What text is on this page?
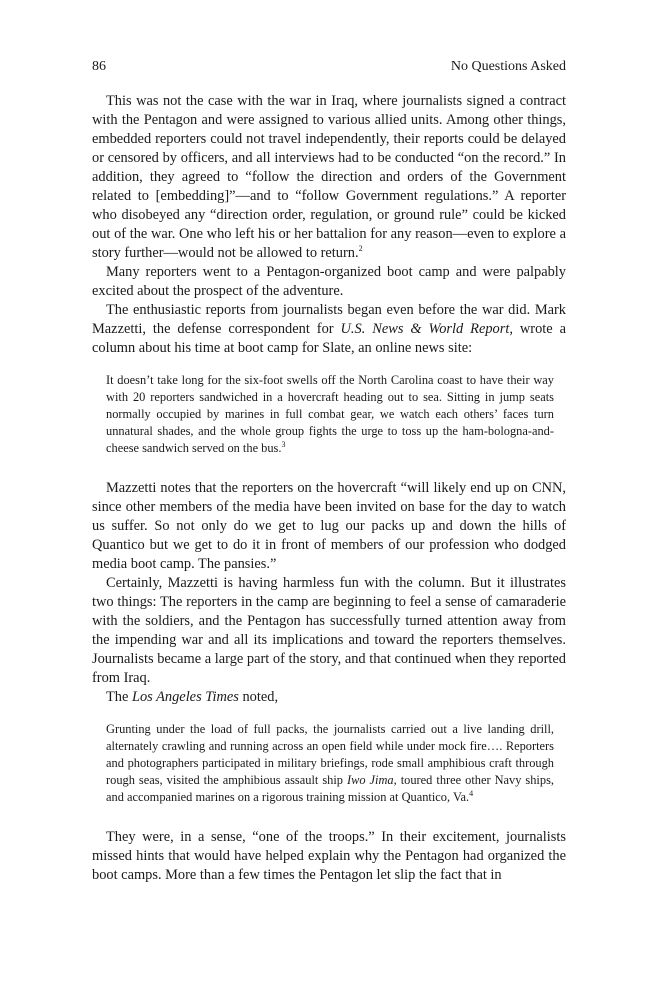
86	No Questions Asked

This was not the case with the war in Iraq, where journalists signed a contract with the Pentagon and were assigned to various allied units. Among other things, embedded reporters could not travel independently, their reports could be delayed or censored by officers, and all interviews had to be conducted “on the record.” In addition, they agreed to “follow the direction and orders of the Government related to [embedding]”—and to “follow Government regulations.” A reporter who disobeyed any “direction order, regulation, or ground rule” could be kicked out of the war. One who left his or her battalion for any reason—even to explore a story further—would not be allowed to return.$^2$

Many reporters went to a Pentagon-organized boot camp and were palpably excited about the prospect of the adventure.

The enthusiastic reports from journalists began even before the war did. Mark Mazzetti, the defense correspondent for U.S. News & World Report, wrote a column about his time at boot camp for Slate, an online news site:

It doesn’t take long for the six-foot swells off the North Carolina coast to have their way with 20 reporters sandwiched in a hovercraft heading out to sea. Sitting in jump seats normally occupied by marines in full combat gear, we watch each others’ faces turn unnatural shades, and the whole group fights the urge to toss up the ham-bologna-and-cheese sandwich served on the bus.$^3$

Mazzetti notes that the reporters on the hovercraft “will likely end up on CNN, since other members of the media have been invited on base for the day to watch us suffer. So not only do we get to lug our packs up and down the hills of Quantico but we get to do it in front of members of our profession who dodged media boot camp. The pansies.”

Certainly, Mazzetti is having harmless fun with the column. But it illustrates two things: The reporters in the camp are beginning to feel a sense of camaraderie with the soldiers, and the Pentagon has successfully turned attention away from the impending war and all its implications and toward the reporters themselves. Journalists became a large part of the story, and that continued when they reported from Iraq.

The Los Angeles Times noted,

Grunting under the load of full packs, the journalists carried out a live landing drill, alternately crawling and running across an open field while under mock fire…. Reporters and photographers participated in military briefings, rode small amphibious craft through rough seas, visited the amphibious assault ship Iwo Jima, toured three other Navy ships, and accompanied marines on a rigorous training mission at Quantico, Va.$^4$

They were, in a sense, “one of the troops.” In their excitement, journalists missed hints that would have helped explain why the Pentagon had organized the boot camps. More than a few times the Pentagon let slip the fact that in
